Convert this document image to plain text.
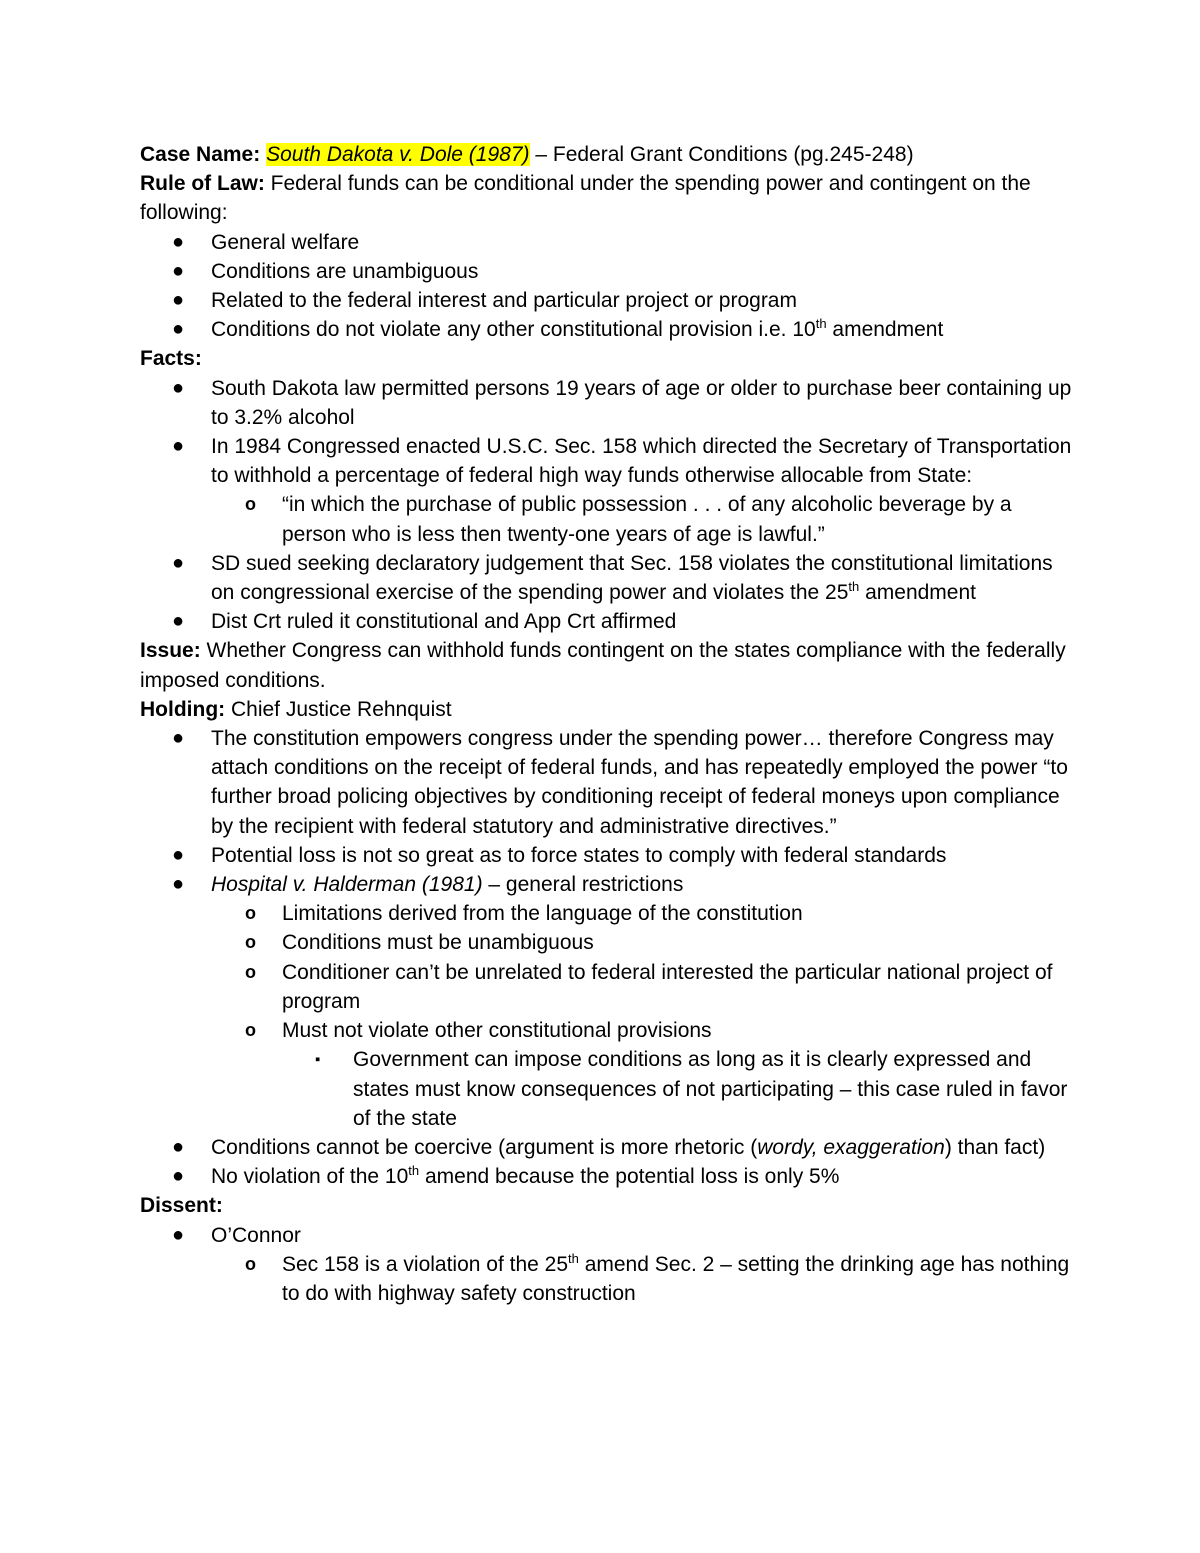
Case Name: South Dakota v. Dole (1987) – Federal Grant Conditions (pg.245-248)

Rule of Law: Federal funds can be conditional under the spending power and contingent on the following:

● General welfare
● Conditions are unambiguous
● Related to the federal interest and particular project or program
● Conditions do not violate any other constitutional provision i.e. 10th amendment

Facts:

● South Dakota law permitted persons 19 years of age or older to purchase beer containing up to 3.2% alcohol
● In 1984 Congressed enacted U.S.C. Sec. 158 which directed the Secretary of Transportation to withhold a percentage of federal high way funds otherwise allocable from State:
o “in which the purchase of public possession . . . of any alcoholic beverage by a person who is less then twenty-one years of age is lawful.”
● SD sued seeking declaratory judgement that Sec. 158 violates the constitutional limitations on congressional exercise of the spending power and violates the 25th amendment
● Dist Crt ruled it constitutional and App Crt affirmed

Issue: Whether Congress can withhold funds contingent on the states compliance with the federally imposed conditions.

Holding: Chief Justice Rehnquist

● The constitution empowers congress under the spending power… therefore Congress may attach conditions on the receipt of federal funds, and has repeatedly employed the power “to further broad policing objectives by conditioning receipt of federal moneys upon compliance by the recipient with federal statutory and administrative directives.”
● Potential loss is not so great as to force states to comply with federal standards
● Hospital v. Halderman (1981) – general restrictions
o Limitations derived from the language of the constitution
o Conditions must be unambiguous
o Conditioner can’t be unrelated to federal interested the particular national project of program
o Must not violate other constitutional provisions
▪ Government can impose conditions as long as it is clearly expressed and states must know consequences of not participating – this case ruled in favor of the state
● Conditions cannot be coercive (argument is more rhetoric (wordy, exaggeration) than fact)
● No violation of the 10th amend because the potential loss is only 5%

Dissent:

● O’Connor
o Sec 158 is a violation of the 25th amend Sec. 2 – setting the drinking age has nothing to do with highway safety construction
